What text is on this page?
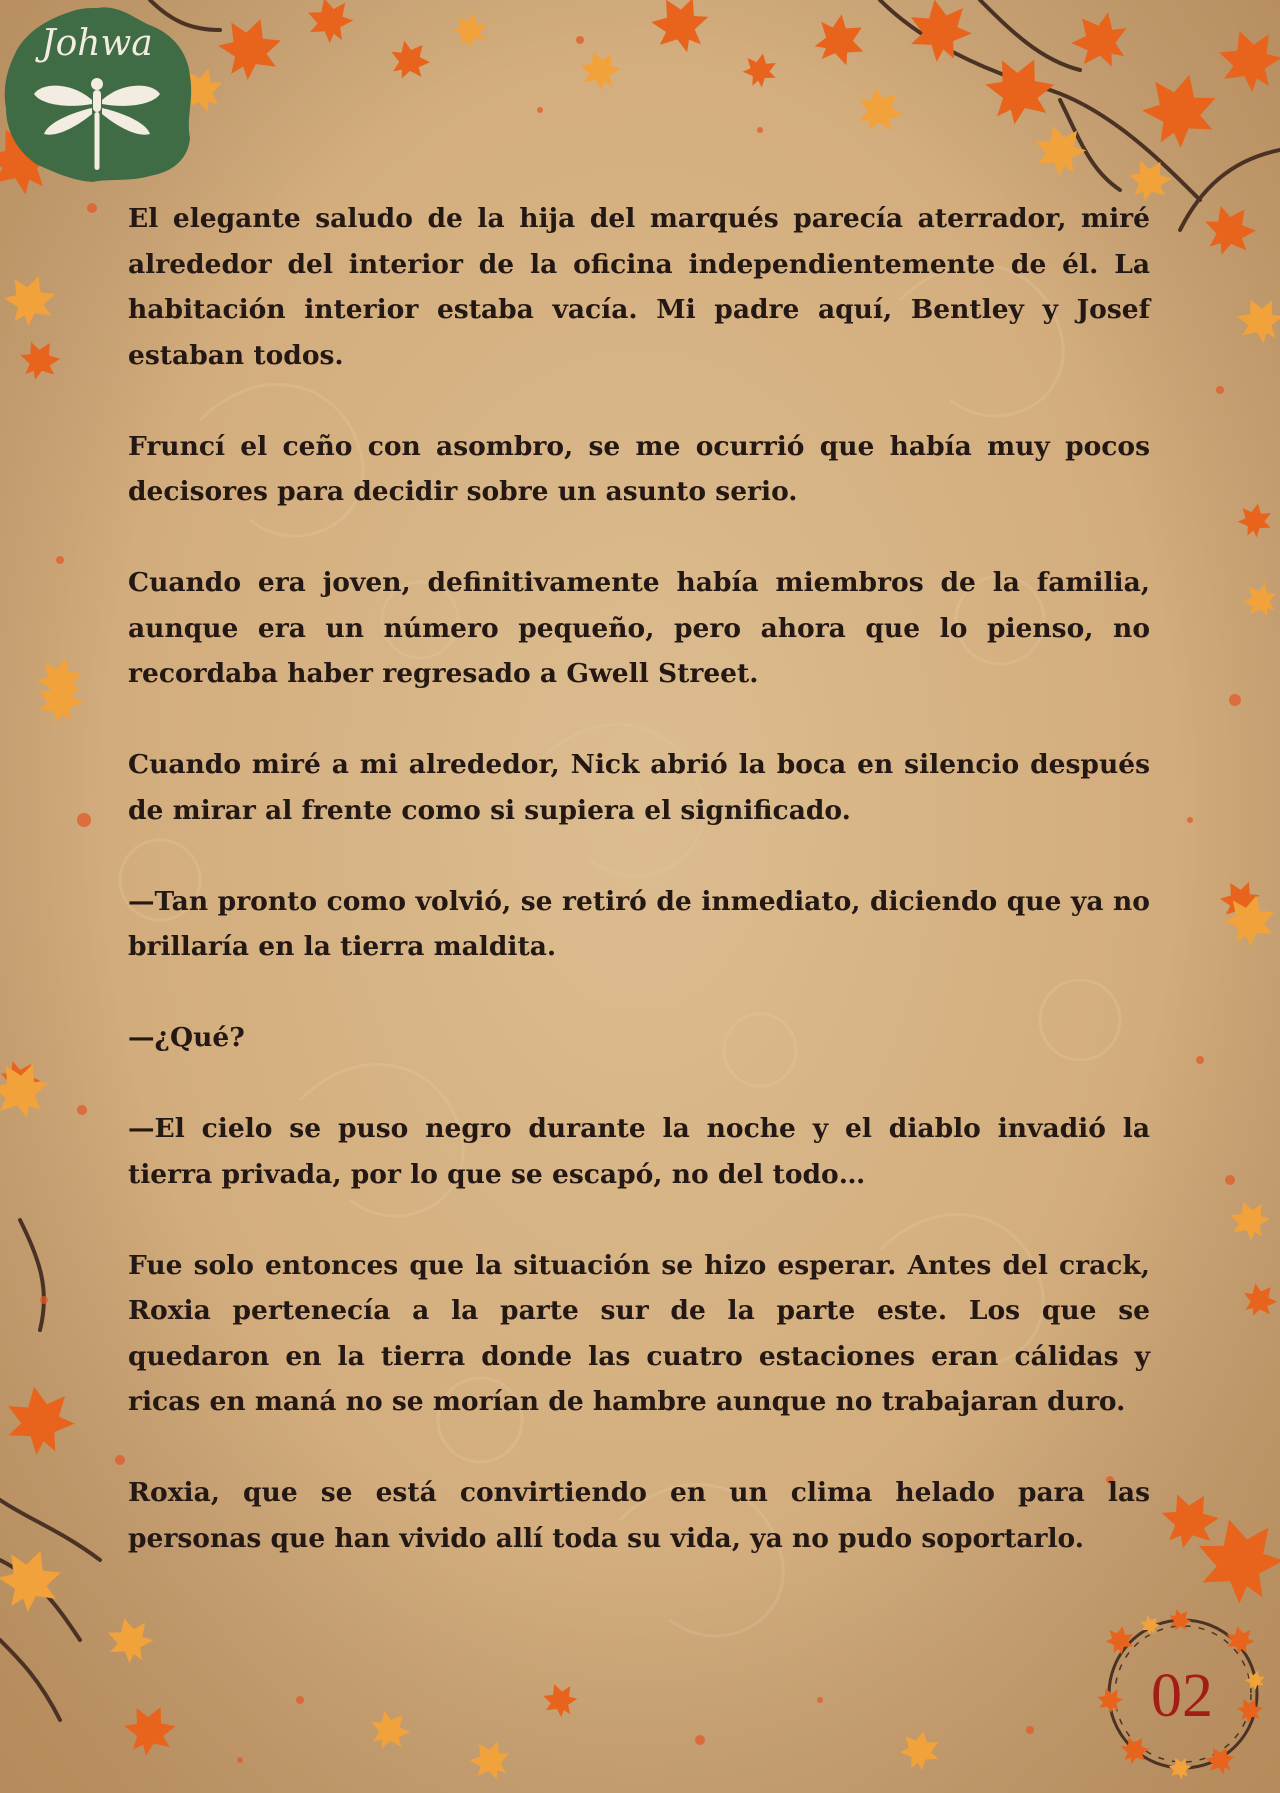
Johwa

El elegante saludo de la hija del marqués parecía aterrador, miré alrededor del interior de la oficina independientemente de él. La habitación interior estaba vacía. Mi padre aquí, Bentley y Josef estaban todos.

Fruncí el ceño con asombro, se me ocurrió que había muy pocos decisores para decidir sobre un asunto serio.

Cuando era joven, definitivamente había miembros de la familia, aunque era un número pequeño, pero ahora que lo pienso, no recordaba haber regresado a Gwell Street.

Cuando miré a mi alrededor, Nick abrió la boca en silencio después de mirar al frente como si supiera el significado.

—Tan pronto como volvió, se retiró de inmediato, diciendo que ya no brillaría en la tierra maldita.

—¿Qué?

—El cielo se puso negro durante la noche y el diablo invadió la tierra privada, por lo que se escapó, no del todo…

Fue solo entonces que la situación se hizo esperar. Antes del crack, Roxia pertenecía a la parte sur de la parte este. Los que se quedaron en la tierra donde las cuatro estaciones eran cálidas y ricas en maná no se morían de hambre aunque no trabajaran duro.

Roxia, que se está convirtiendo en un clima helado para las personas que han vivido allí toda su vida, ya no pudo soportarlo.

02
